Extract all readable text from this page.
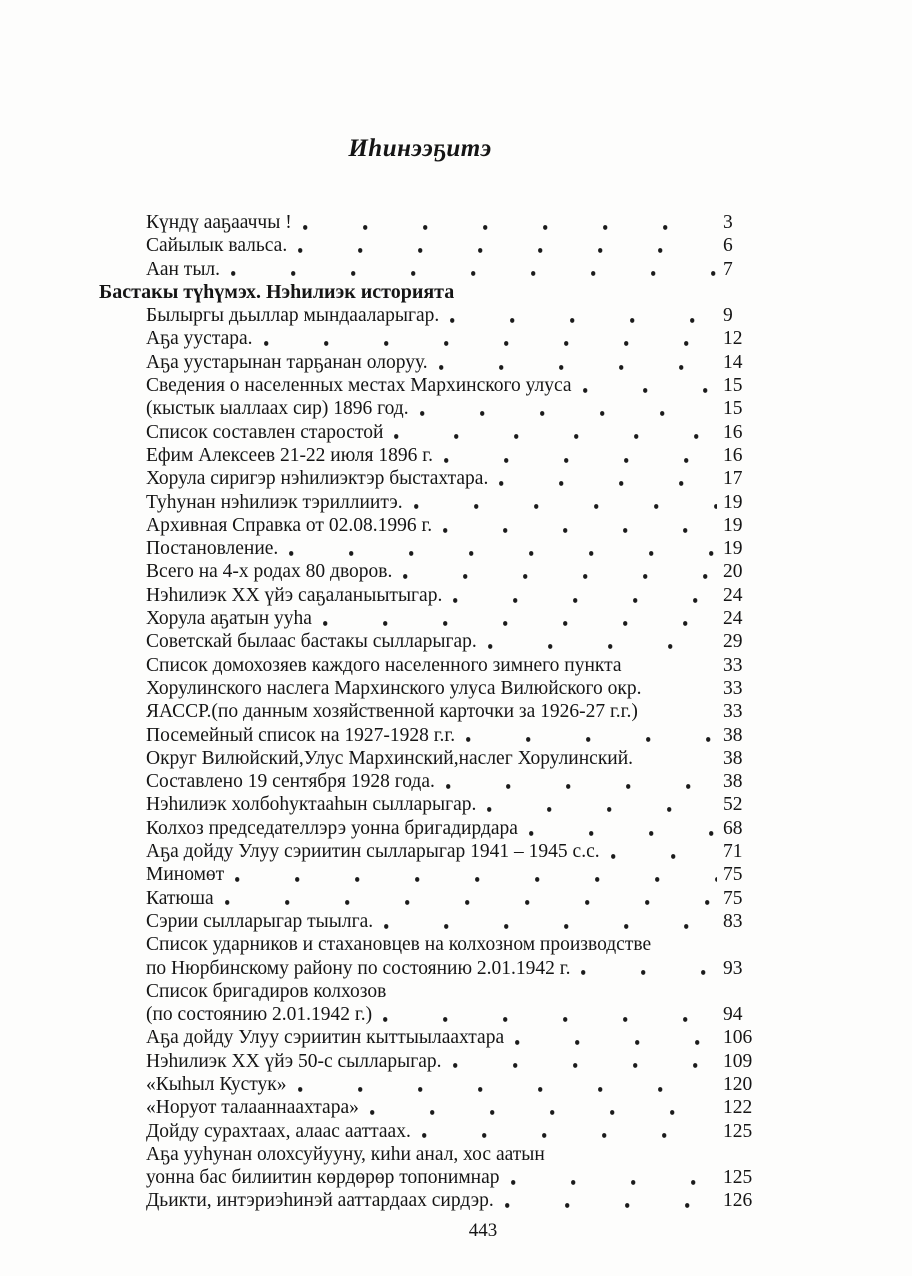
Иһинээҕитэ
Күндү ааҕааччы !	3
Сайылык вальса.	6
Аан тыл.	7
Бастакы түһүмэх. Нэһилиэк историята
Былыргы дьыллар мындааларыгар.	9
Аҕа уустара.	12
Аҕа уустарынан тарҕанан олоруу.	14
Сведения о населенных местах Мархинского улуса	15
(кыстык ыаллаах сир) 1896 год.	15
Список составлен старостой	16
Ефим Алексеев 21-22 июля 1896 г.	16
Хорула сиригэр нэһилиэктэр быстахтара.	17
Туһунан нэһилиэк тэриллиитэ.	19
Архивная Справка от 02.08.1996 г.	19
Постановление.	19
Всего на 4-х родах 80 дворов.	20
Нэһилиэк XX үйэ саҕаланыытыгар.	24
Хорула аҕатын ууһа	24
Советскай былаас бастакы сылларыгар.	29
Список домохозяев каждого населенного зимнего пункта	33
Хорулинского наслега Мархинского улуса Вилюйского окр.	33
ЯАССР.(по данным хозяйственной карточки за 1926-27 г.г.)	33
Посемейный список на 1927-1928 г.г.	38
Округ Вилюйский,Улус Мархинский,наслег Хорулинский.	38
Составлено 19 сентября 1928 года.	38
Нэһилиэк холбоһуктааһын сылларыгар.	52
Колхоз председателлэрэ уонна бригадирдара	68
Аҕа дойду Улуу сэриитин сылларыгар 1941 – 1945 с.с.	71
Миномөт	75
Катюша	75
Сэрии сылларыгар тыылга.	83
Список ударников и стахановцев на колхозном производстве
по Нюрбинскому району по состоянию 2.01.1942 г.	93
Список бригадиров колхозов
(по состоянию 2.01.1942 г.)	94
Аҕа дойду Улуу сэриитин кыттыылаахтара	106
Нэһилиэк XX үйэ 50-с сылларыгар.	109
«Кыһыл Кустук»	120
«Норуот талааннаахтара»	122
Дойду сурахтаах, алаас ааттаах.	125
Аҕа ууһунан олохсуйууну, киһи анал, хос аатын
уонна бас билиитин көрдөрөр топонимнар	125
Дьикти, интэриэһинэй ааттардаах сирдэр.	126
443
